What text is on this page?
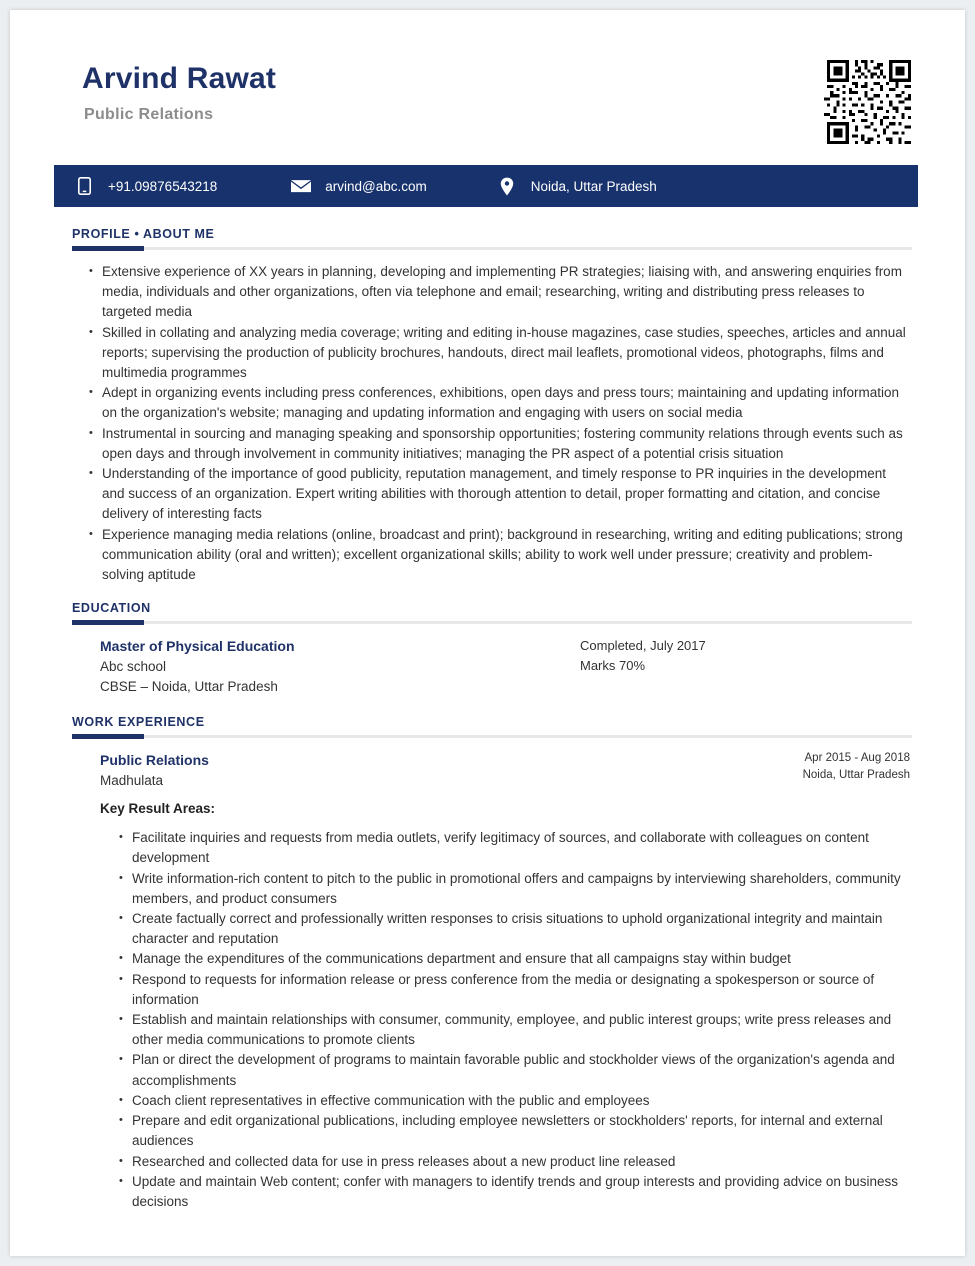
Arvind Rawat
Public Relations
+91.09876543218	arvind@abc.com	Noida, Uttar Pradesh
PROFILE • ABOUT ME
• Extensive experience of XX years in planning, developing and implementing PR strategies; liaising with, and answering enquiries from media, individuals and other organizations, often via telephone and email; researching, writing and distributing press releases to targeted media
• Skilled in collating and analyzing media coverage; writing and editing in-house magazines, case studies, speeches, articles and annual reports; supervising the production of publicity brochures, handouts, direct mail leaflets, promotional videos, photographs, films and multimedia programmes
• Adept in organizing events including press conferences, exhibitions, open days and press tours; maintaining and updating information on the organization's website; managing and updating information and engaging with users on social media
• Instrumental in sourcing and managing speaking and sponsorship opportunities; fostering community relations through events such as open days and through involvement in community initiatives; managing the PR aspect of a potential crisis situation
• Understanding of the importance of good publicity, reputation management, and timely response to PR inquiries in the development and success of an organization. Expert writing abilities with thorough attention to detail, proper formatting and citation, and concise delivery of interesting facts
• Experience managing media relations (online, broadcast and print); background in researching, writing and editing publications; strong communication ability (oral and written); excellent organizational skills; ability to work well under pressure; creativity and problem-solving aptitude
EDUCATION
Master of Physical Education
Abc school
CBSE – Noida, Uttar Pradesh
Completed, July 2017
Marks 70%
WORK EXPERIENCE
Public Relations
Madhulata
Apr 2015 - Aug 2018
Noida, Uttar Pradesh
Key Result Areas:
• Facilitate inquiries and requests from media outlets, verify legitimacy of sources, and collaborate with colleagues on content development
• Write information-rich content to pitch to the public in promotional offers and campaigns by interviewing shareholders, community members, and product consumers
• Create factually correct and professionally written responses to crisis situations to uphold organizational integrity and maintain character and reputation
• Manage the expenditures of the communications department and ensure that all campaigns stay within budget
• Respond to requests for information release or press conference from the media or designating a spokesperson or source of information
• Establish and maintain relationships with consumer, community, employee, and public interest groups; write press releases and other media communications to promote clients
• Plan or direct the development of programs to maintain favorable public and stockholder views of the organization's agenda and accomplishments
• Coach client representatives in effective communication with the public and employees
• Prepare and edit organizational publications, including employee newsletters or stockholders' reports, for internal and external audiences
• Researched and collected data for use in press releases about a new product line released
• Update and maintain Web content; confer with managers to identify trends and group interests and providing advice on business decisions
